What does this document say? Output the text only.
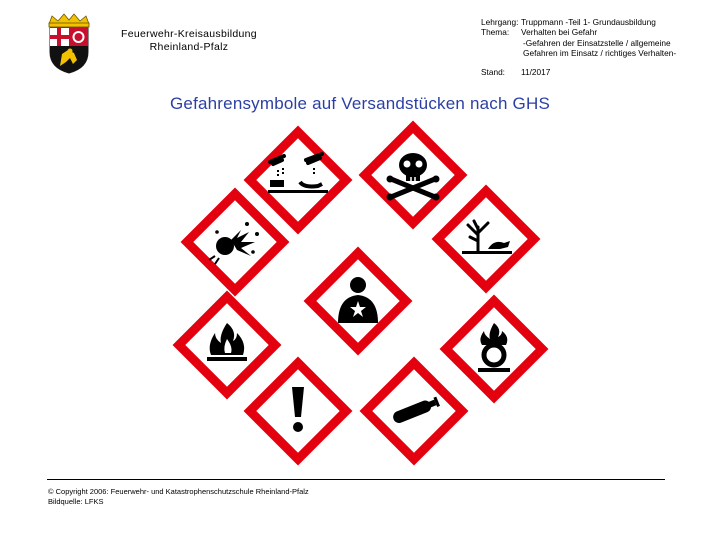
Feuerwehr-Kreisausbildung
Rheinland-Pfalz
Lehrgang: Truppmann -Teil 1- Grundausbildung
Thema:	Verhalten bei Gefahr
-Gefahren der Einsatzstelle / allgemeine
Gefahren im Einsatz / richtiges Verhalten-
Stand:	11/2017
Gefahrensymbole auf Versandstücken nach GHS
© Copyright 2006: Feuerwehr- und Katastrophenschutzschule Rheinland-Pfalz
Bildquelle: LFKS
